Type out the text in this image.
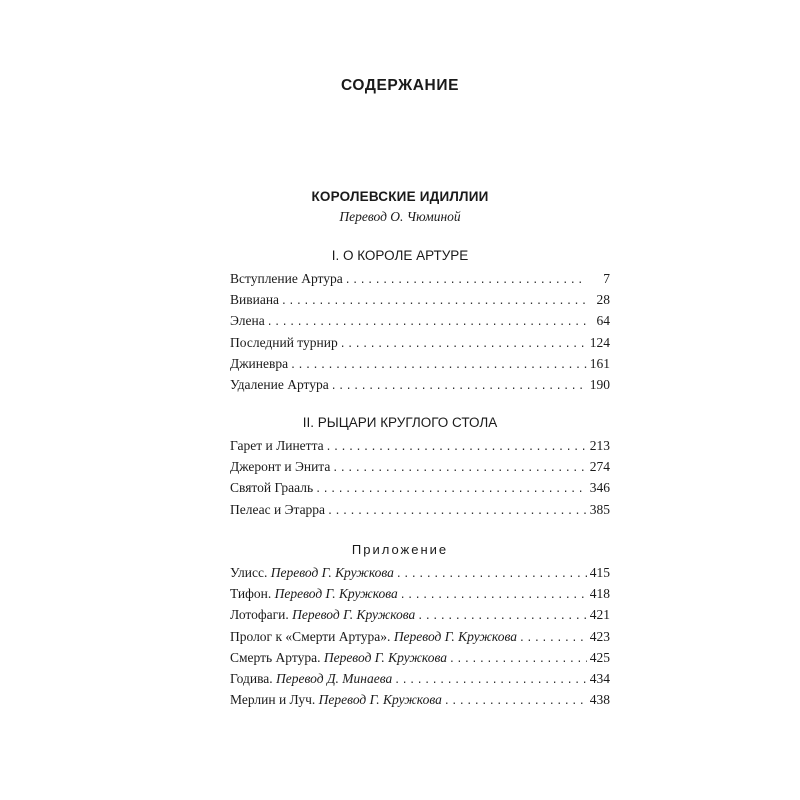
СОДЕРЖАНИЕ
КОРОЛЕВСКИЕ ИДИЛЛИИ
Перевод О. Чюминой
I. О КОРОЛЕ АРТУРЕ
Вступление Артура . . .	7
Вивиана . . .	28
Элена . . .	64
Последний турнир . . .	124
Джиневра . . .	161
Удаление Артура . . .	190
II. РЫЦАРИ КРУГЛОГО СТОЛА
Гарет и Линетта . . .	213
Джеронт и Энита . . .	274
Святой Грааль . . .	346
Пелеас и Этарра . . .	385
Приложение
Улисс. Перевод Г. Кружкова . . .	415
Тифон. Перевод Г. Кружкова . . .	418
Лотофаги. Перевод Г. Кружкова . . .	421
Пролог к «Смерти Артура». Перевод Г. Кружкова . . .	423
Смерть Артура. Перевод Г. Кружкова . . .	425
Годива. Перевод Д. Минаева . . .	434
Мерлин и Луч. Перевод Г. Кружкова . . .	438
